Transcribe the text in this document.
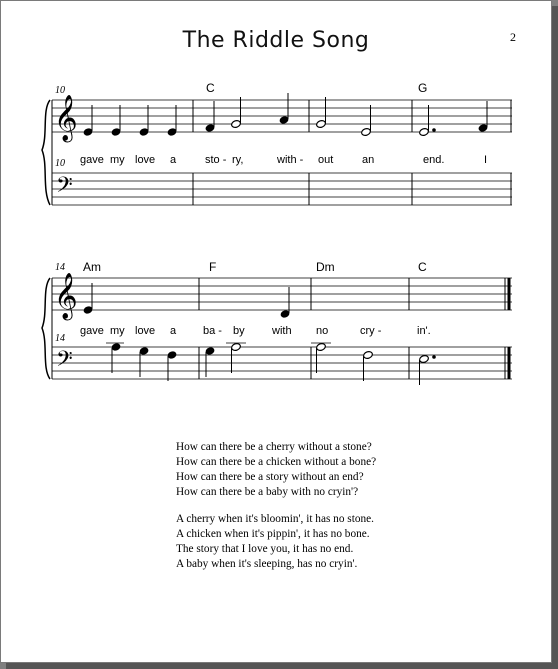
The Riddle Song	2
𝄞
𝄢
10
10
C	G
gave my love a	sto - ry,	with - out	an	end.	I
𝄞
𝄢
14
14
Am	F	Dm	C
gave my love a ba - by with no	cry -	in'.
How can there be a cherry without a stone?
How can there be a chicken without a bone?
How can there be a story without an end?
How can there be a baby with no cryin'?
A cherry when it's bloomin', it has no stone.
A chicken when it's pippin', it has no bone.
The story that I love you, it has no end.
A baby when it's sleeping, has no cryin'.
